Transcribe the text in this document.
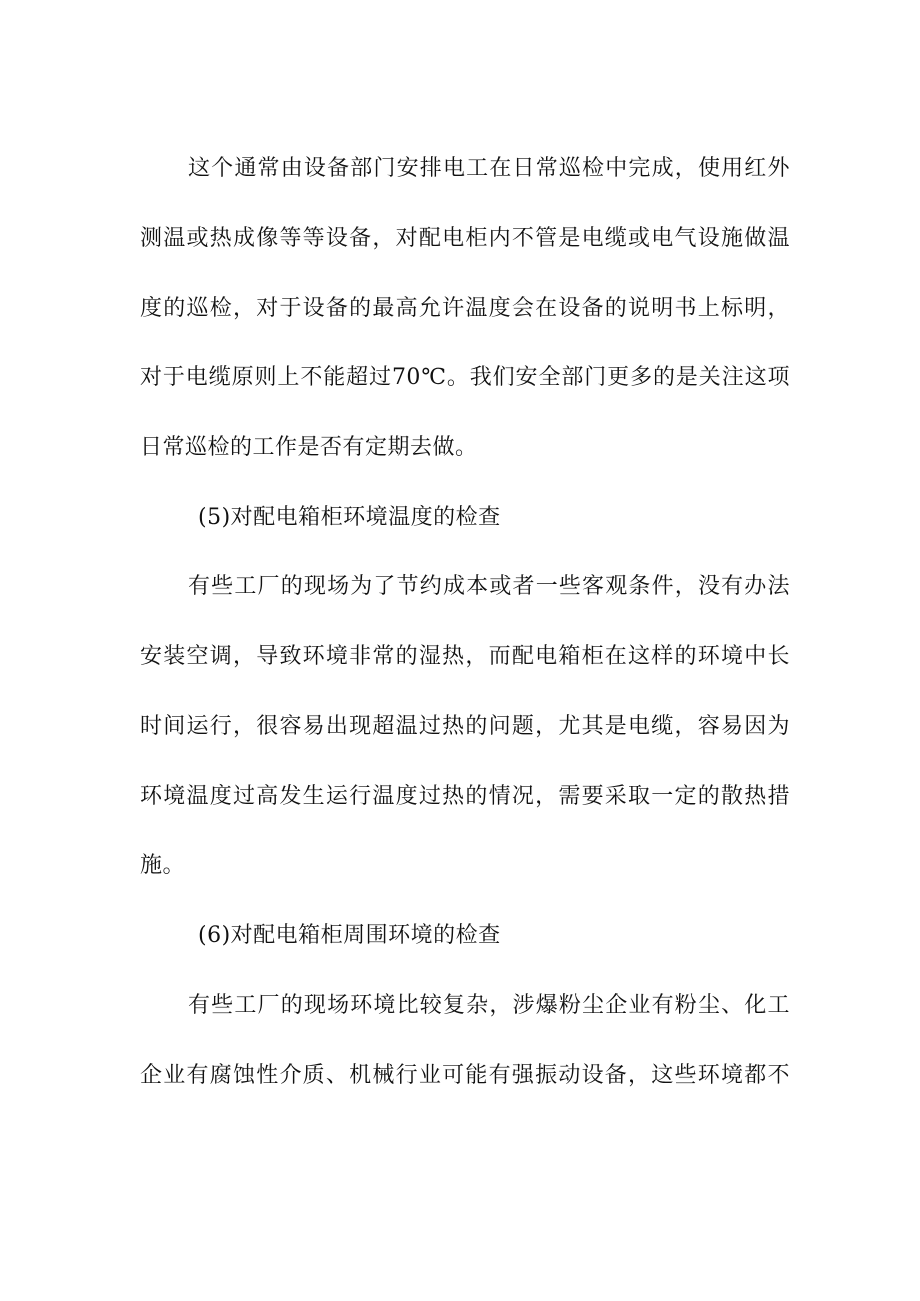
这个通常由设备部门安排电工在日常巡检中完成，使用红外
测温或热成像等等设备，对配电柜内不管是电缆或电气设施做温
度的巡检，对于设备的最高允许温度会在设备的说明书上标明，
对于电缆原则上不能超过70℃。我们安全部门更多的是关注这项
日常巡检的工作是否有定期去做。
(5)对配电箱柜环境温度的检查
有些工厂的现场为了节约成本或者一些客观条件，没有办法
安装空调，导致环境非常的湿热，而配电箱柜在这样的环境中长
时间运行，很容易出现超温过热的问题，尤其是电缆，容易因为
环境温度过高发生运行温度过热的情况，需要采取一定的散热措
施。
(6)对配电箱柜周围环境的检查
有些工厂的现场环境比较复杂，涉爆粉尘企业有粉尘、化工
企业有腐蚀性介质、机械行业可能有强振动设备，这些环境都不
